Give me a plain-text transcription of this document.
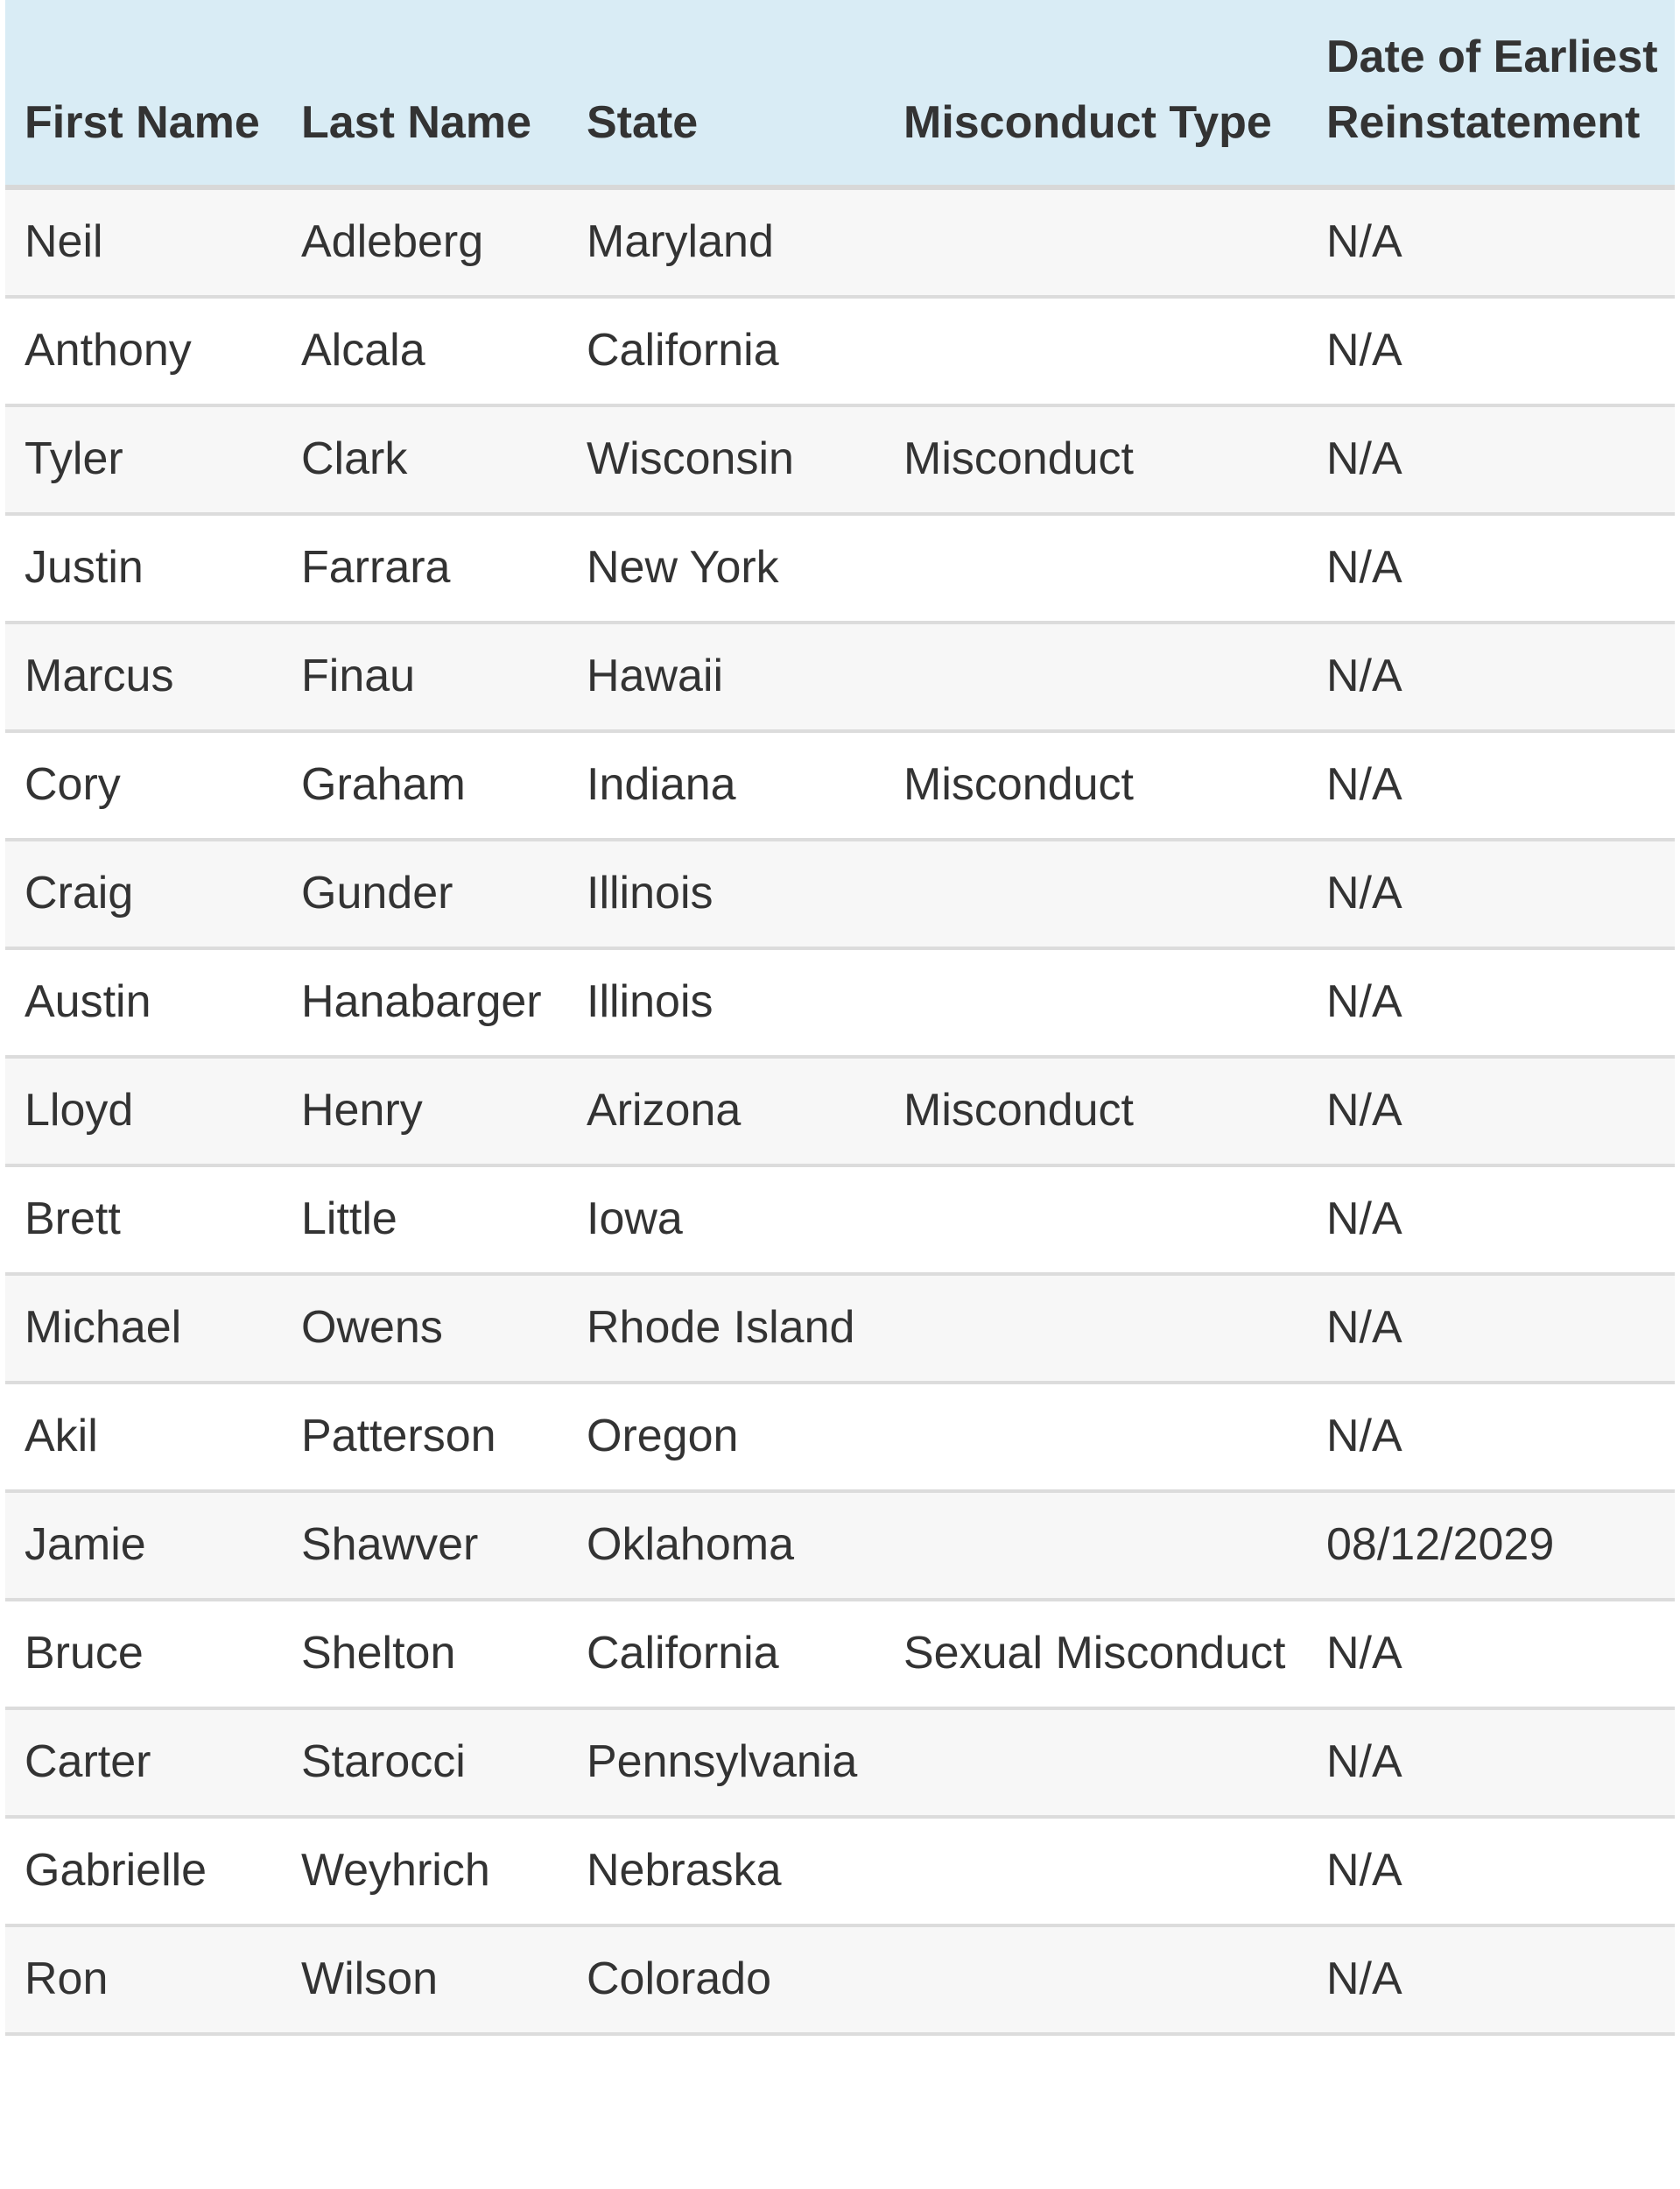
First Name	Last Name	State	Misconduct Type	Date of Earliest Reinstatement
Neil	Adleberg	Maryland		N/A
Anthony	Alcala	California		N/A
Tyler	Clark	Wisconsin	Misconduct	N/A
Justin	Farrara	New York		N/A
Marcus	Finau	Hawaii		N/A
Cory	Graham	Indiana	Misconduct	N/A
Craig	Gunder	Illinois		N/A
Austin	Hanabarger	Illinois		N/A
Lloyd	Henry	Arizona	Misconduct	N/A
Brett	Little	Iowa		N/A
Michael	Owens	Rhode Island		N/A
Akil	Patterson	Oregon		N/A
Jamie	Shawver	Oklahoma		08/12/2029
Bruce	Shelton	California	Sexual Misconduct	N/A
Carter	Starocci	Pennsylvania		N/A
Gabrielle	Weyhrich	Nebraska		N/A
Ron	Wilson	Colorado		N/A
